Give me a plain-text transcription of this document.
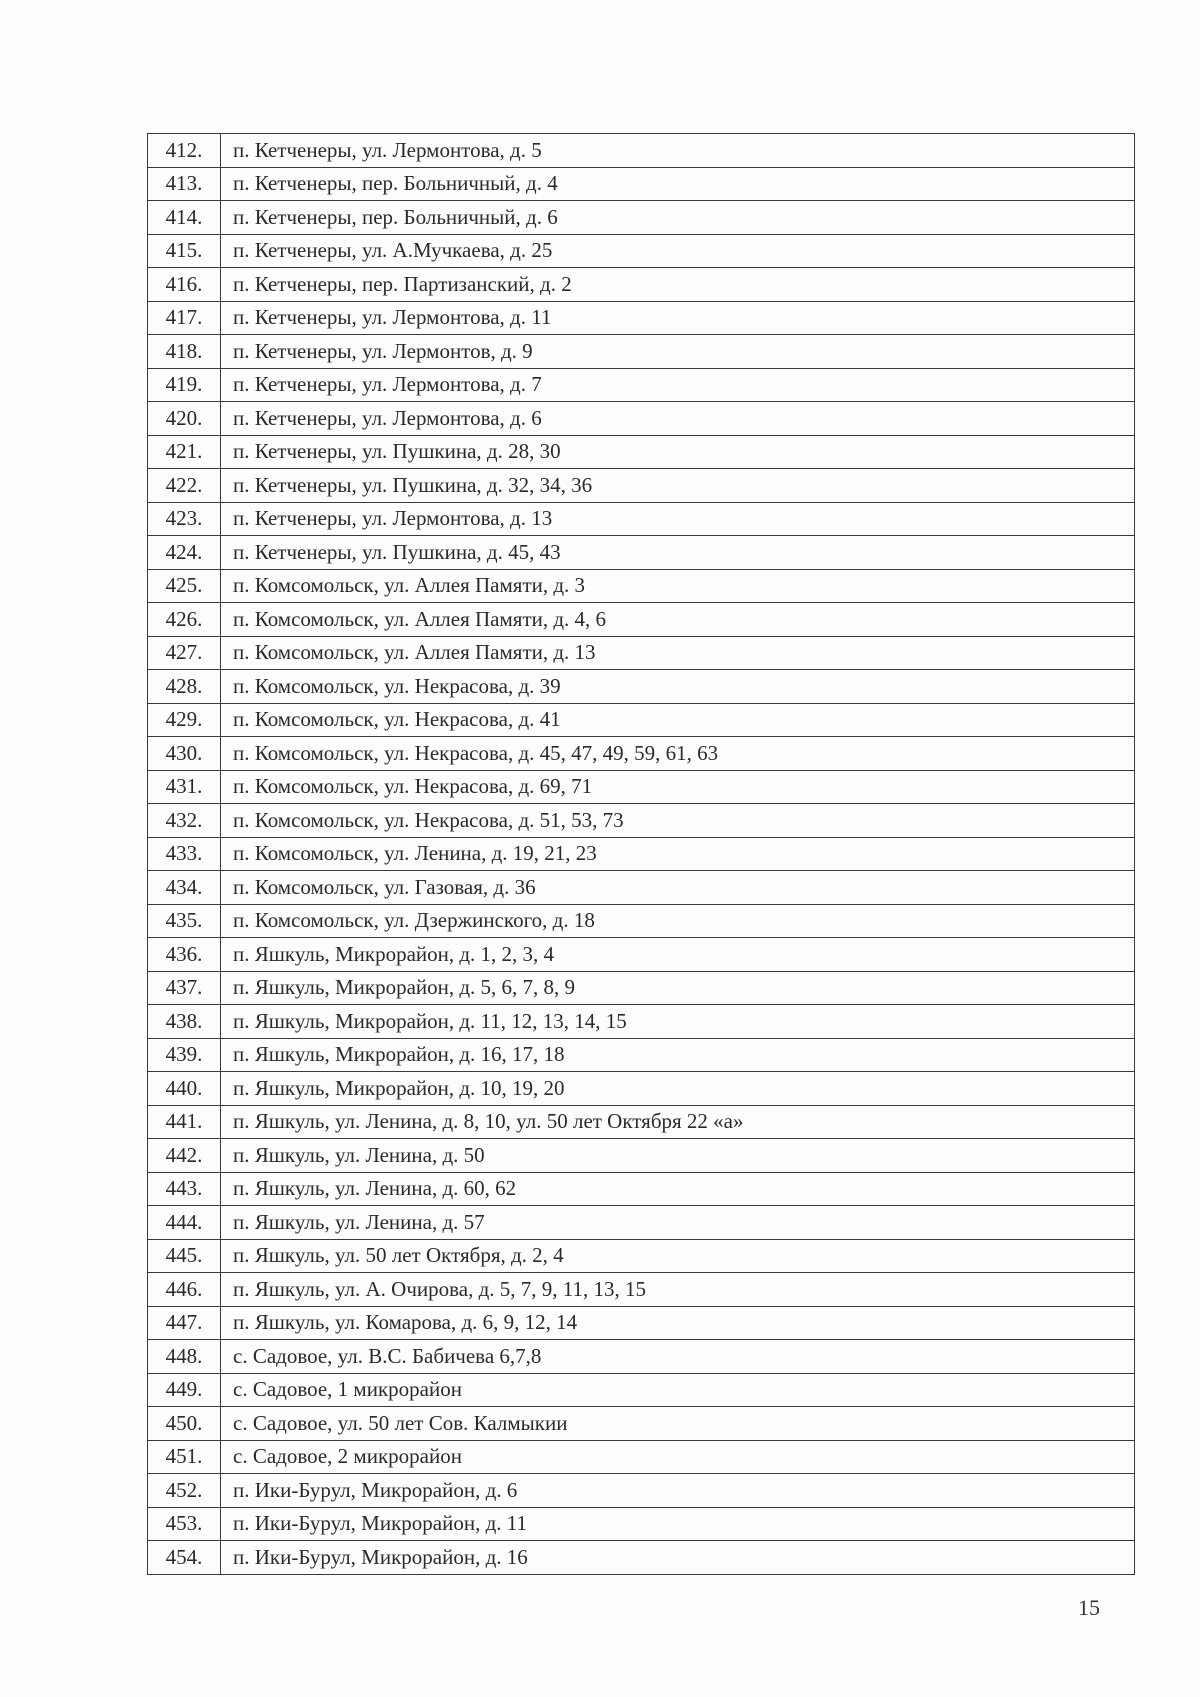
412.	п. Кетченеры, ул. Лермонтова, д. 5
413.	п. Кетченеры, пер. Больничный, д. 4
414.	п. Кетченеры, пер. Больничный, д. 6
415.	п. Кетченеры, ул. А.Мучкаева, д. 25
416.	п. Кетченеры, пер. Партизанский, д. 2
417.	п. Кетченеры, ул. Лермонтова, д. 11
418.	п. Кетченеры, ул. Лермонтов, д. 9
419.	п. Кетченеры, ул. Лермонтова, д. 7
420.	п. Кетченеры, ул. Лермонтова, д. 6
421.	п. Кетченеры, ул. Пушкина, д. 28, 30
422.	п. Кетченеры, ул. Пушкина, д. 32, 34, 36
423.	п. Кетченеры, ул. Лермонтова, д. 13
424.	п. Кетченеры, ул. Пушкина, д. 45, 43
425.	п. Комсомольск, ул. Аллея Памяти, д. 3
426.	п. Комсомольск, ул. Аллея Памяти, д. 4, 6
427.	п. Комсомольск, ул. Аллея Памяти, д. 13
428.	п. Комсомольск, ул. Некрасова, д. 39
429.	п. Комсомольск, ул. Некрасова, д. 41
430.	п. Комсомольск, ул. Некрасова, д. 45, 47, 49, 59, 61, 63
431.	п. Комсомольск, ул. Некрасова, д. 69, 71
432.	п. Комсомольск, ул. Некрасова, д. 51, 53, 73
433.	п. Комсомольск, ул. Ленина, д. 19, 21, 23
434.	п. Комсомольск, ул. Газовая, д. 36
435.	п. Комсомольск, ул. Дзержинского, д. 18
436.	п. Яшкуль, Микрорайон, д. 1, 2, 3, 4
437.	п. Яшкуль, Микрорайон, д. 5, 6, 7, 8, 9
438.	п. Яшкуль, Микрорайон, д. 11, 12, 13, 14, 15
439.	п. Яшкуль, Микрорайон, д. 16, 17, 18
440.	п. Яшкуль, Микрорайон, д. 10, 19, 20
441.	п. Яшкуль, ул. Ленина, д. 8, 10, ул. 50 лет Октября 22 «а»
442.	п. Яшкуль, ул. Ленина, д. 50
443.	п. Яшкуль, ул. Ленина, д. 60, 62
444.	п. Яшкуль, ул. Ленина, д. 57
445.	п. Яшкуль, ул. 50 лет Октября, д. 2, 4
446.	п. Яшкуль, ул. А. Очирова, д. 5, 7, 9, 11, 13, 15
447.	п. Яшкуль, ул. Комарова, д. 6, 9, 12, 14
448.	с. Садовое, ул. В.С. Бабичева 6,7,8
449.	с. Садовое, 1 микрорайон
450.	с. Садовое, ул. 50 лет Сов. Калмыкии
451.	с. Садовое, 2 микрорайон
452.	п. Ики-Бурул, Микрорайон, д. 6
453.	п. Ики-Бурул, Микрорайон, д. 11
454.	п. Ики-Бурул, Микрорайон, д. 16
15
